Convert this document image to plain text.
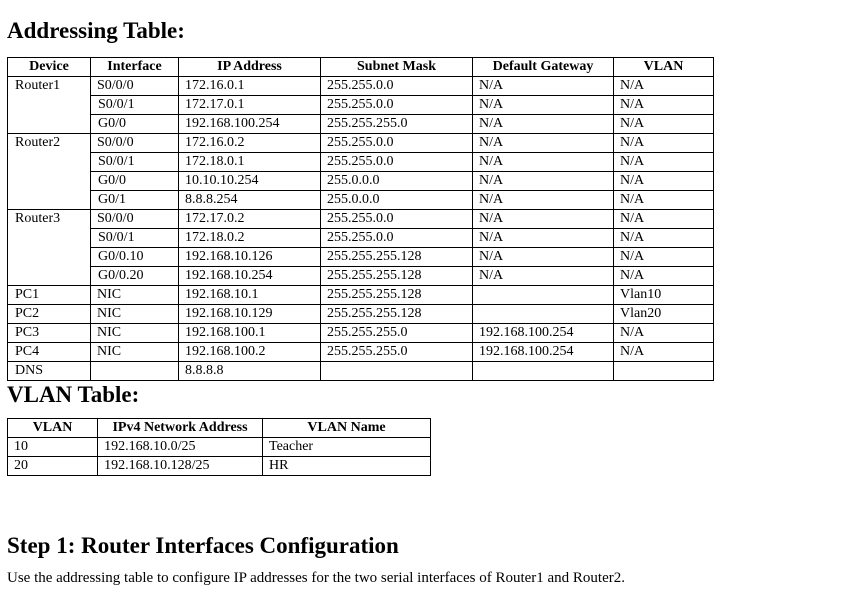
Addressing Table:
Device	Interface	IP Address	Subnet Mask	Default Gateway	VLAN
Router1	S0/0/0	172.16.0.1	255.255.0.0	N/A	N/A
	S0/0/1	172.17.0.1	255.255.0.0	N/A	N/A
	G0/0	192.168.100.254	255.255.255.0	N/A	N/A
Router2	S0/0/0	172.16.0.2	255.255.0.0	N/A	N/A
	S0/0/1	172.18.0.1	255.255.0.0	N/A	N/A
	G0/0	10.10.10.254	255.0.0.0	N/A	N/A
	G0/1	8.8.8.254	255.0.0.0	N/A	N/A
Router3	S0/0/0	172.17.0.2	255.255.0.0	N/A	N/A
	S0/0/1	172.18.0.2	255.255.0.0	N/A	N/A
	G0/0.10	192.168.10.126	255.255.255.128	N/A	N/A
	G0/0.20	192.168.10.254	255.255.255.128	N/A	N/A
PC1	NIC	192.168.10.1	255.255.255.128		Vlan10
PC2	NIC	192.168.10.129	255.255.255.128		Vlan20
PC3	NIC	192.168.100.1	255.255.255.0	192.168.100.254	N/A
PC4	NIC	192.168.100.2	255.255.255.0	192.168.100.254	N/A
DNS		8.8.8.8			
VLAN Table:
VLAN	IPv4 Network Address	VLAN Name
10	192.168.10.0/25	Teacher
20	192.168.10.128/25	HR
Step 1: Router Interfaces Configuration

Use the addressing table to configure IP addresses for the two serial interfaces of Router1 and Router2.
